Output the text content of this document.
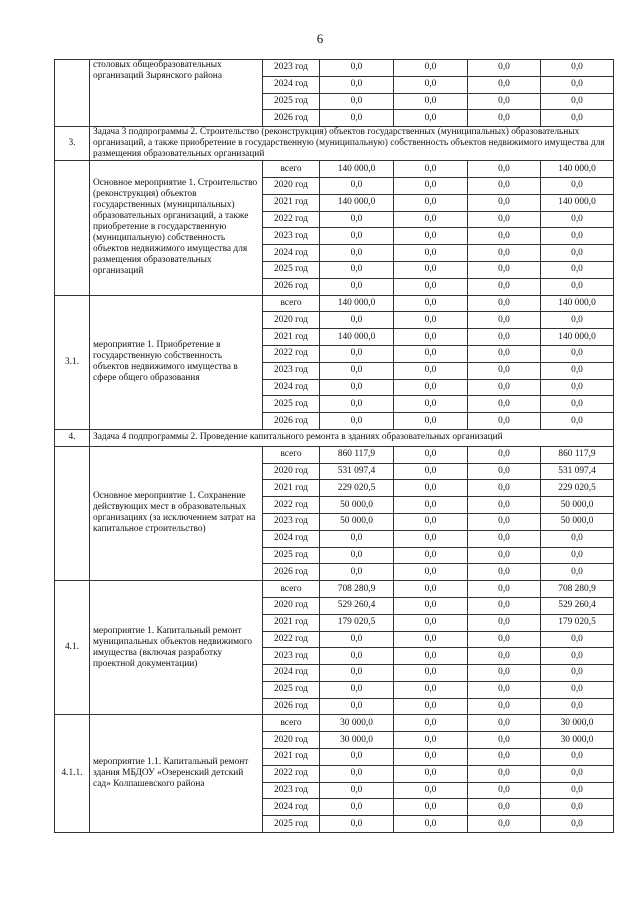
6
	столовых общеобразовательных организаций Зырянского района	2023 год	0,0	0,0	0,0	0,0
		2024 год	0,0	0,0	0,0	0,0
		2025 год	0,0	0,0	0,0	0,0
		2026 год	0,0	0,0	0,0	0,0
3.	Задача 3 подпрограммы 2. Строительство (реконструкция) объектов государственных (муниципальных) образовательных организаций, а также приобретение в государственную (муниципальную) собственность объектов недвижимого имущества для размещения образовательных организаций					
	Основное мероприятие 1. Строительство (реконструкция) объектов государственных (муниципальных) образовательных организаций, а также приобретение в государственную (муниципальную) собственность объектов недвижимого имущества для размещения образовательных организаций	всего	140 000,0	0,0	0,0	140 000,0
		2020 год	0,0	0,0	0,0	0,0
		2021 год	140 000,0	0,0	0,0	140 000,0
		2022 год	0,0	0,0	0,0	0,0
		2023 год	0,0	0,0	0,0	0,0
		2024 год	0,0	0,0	0,0	0,0
		2025 год	0,0	0,0	0,0	0,0
		2026 год	0,0	0,0	0,0	0,0
3.1.	мероприятие 1. Приобретение в государственную собственность объектов недвижимого имущества в сфере общего образования	всего	140 000,0	0,0	0,0	140 000,0
		2020 год	0,0	0,0	0,0	0,0
		2021 год	140 000,0	0,0	0,0	140 000,0
		2022 год	0,0	0,0	0,0	0,0
		2023 год	0,0	0,0	0,0	0,0
		2024 год	0,0	0,0	0,0	0,0
		2025 год	0,0	0,0	0,0	0,0
		2026 год	0,0	0,0	0,0	0,0
4.	Задача 4 подпрограммы 2. Проведение капитального ремонта в зданиях образовательных организаций					
	Основное мероприятие 1. Сохранение действующих мест в образовательных организациях (за исключением затрат на капитальное строительство)	всего	860 117,9	0,0	0,0	860 117,9
		2020 год	531 097,4	0,0	0,0	531 097,4
		2021 год	229 020,5	0,0	0,0	229 020,5
		2022 год	50 000,0	0,0	0,0	50 000,0
		2023 год	50 000,0	0,0	0,0	50 000,0
		2024 год	0,0	0,0	0,0	0,0
		2025 год	0,0	0,0	0,0	0,0
		2026 год	0,0	0,0	0,0	0,0
4.1.	мероприятие 1. Капитальный ремонт муниципальных объектов недвижимого имущества (включая разработку проектной документации)	всего	708 280,9	0,0	0,0	708 280,9
		2020 год	529 260,4	0,0	0,0	529 260,4
		2021 год	179 020,5	0,0	0,0	179 020,5
		2022 год	0,0	0,0	0,0	0,0
		2023 год	0,0	0,0	0,0	0,0
		2024 год	0,0	0,0	0,0	0,0
		2025 год	0,0	0,0	0,0	0,0
		2026 год	0,0	0,0	0,0	0,0
4.1.1.	мероприятие 1.1. Капитальный ремонт здания МБДОУ «Озеренский детский сад» Колпашевского района	всего	30 000,0	0,0	0,0	30 000,0
		2020 год	30 000,0	0,0	0,0	30 000,0
		2021 год	0,0	0,0	0,0	0,0
		2022 год	0,0	0,0	0,0	0,0
		2023 год	0,0	0,0	0,0	0,0
		2024 год	0,0	0,0	0,0	0,0
		2025 год	0,0	0,0	0,0	0,0
